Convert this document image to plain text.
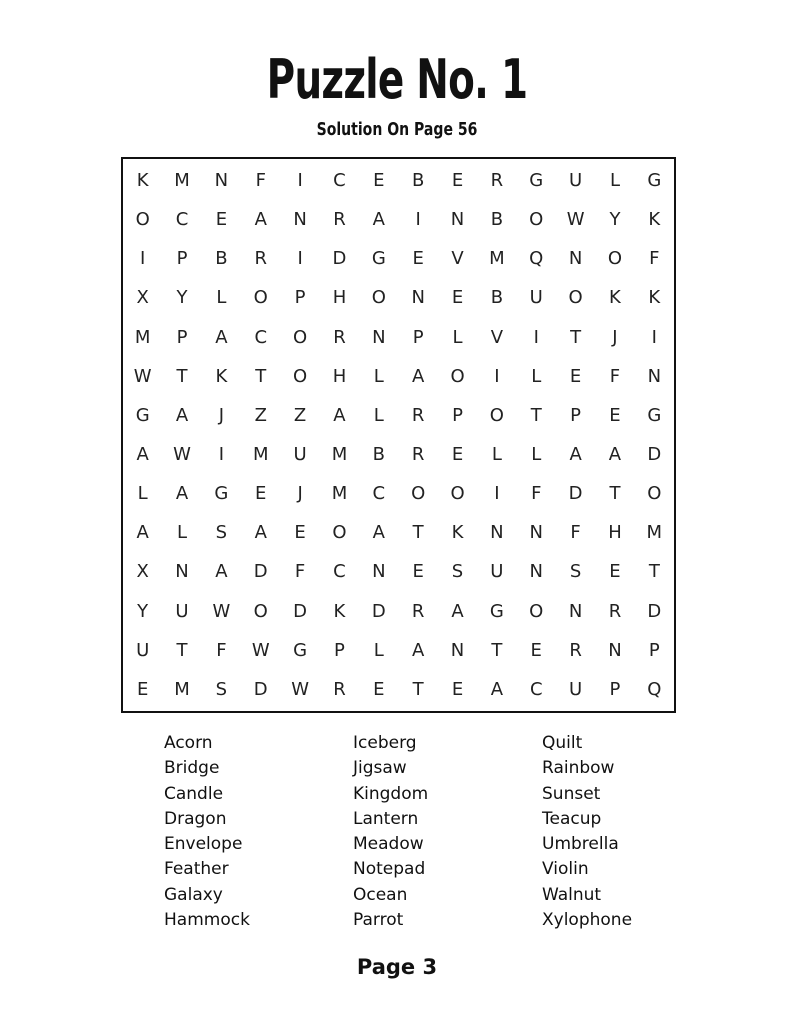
Puzzle No. 1
Solution On Page 56
K	M	N	F	I	C	E	B	E	R	G	U	L	G
O	C	E	A	N	R	A	I	N	B	O	W	Y	K
I	P	B	R	I	D	G	E	V	M	Q	N	O	F
X	Y	L	O	P	H	O	N	E	B	U	O	K	K
M	P	A	C	O	R	N	P	L	V	I	T	J	I
W	T	K	T	O	H	L	A	O	I	L	E	F	N
G	A	J	Z	Z	A	L	R	P	O	T	P	E	G
A	W	I	M	U	M	B	R	E	L	L	A	A	D
L	A	G	E	J	M	C	O	O	I	F	D	T	O
A	L	S	A	E	O	A	T	K	N	N	F	H	M
X	N	A	D	F	C	N	E	S	U	N	S	E	T
Y	U	W	O	D	K	D	R	A	G	O	N	R	D
U	T	F	W	G	P	L	A	N	T	E	R	N	P
E	M	S	D	W	R	E	T	E	A	C	U	P	Q
Acorn
Bridge
Candle
Dragon
Envelope
Feather
Galaxy
Hammock
Iceberg
Jigsaw
Kingdom
Lantern
Meadow
Notepad
Ocean
Parrot
Quilt
Rainbow
Sunset
Teacup
Umbrella
Violin
Walnut
Xylophone
Page 3
